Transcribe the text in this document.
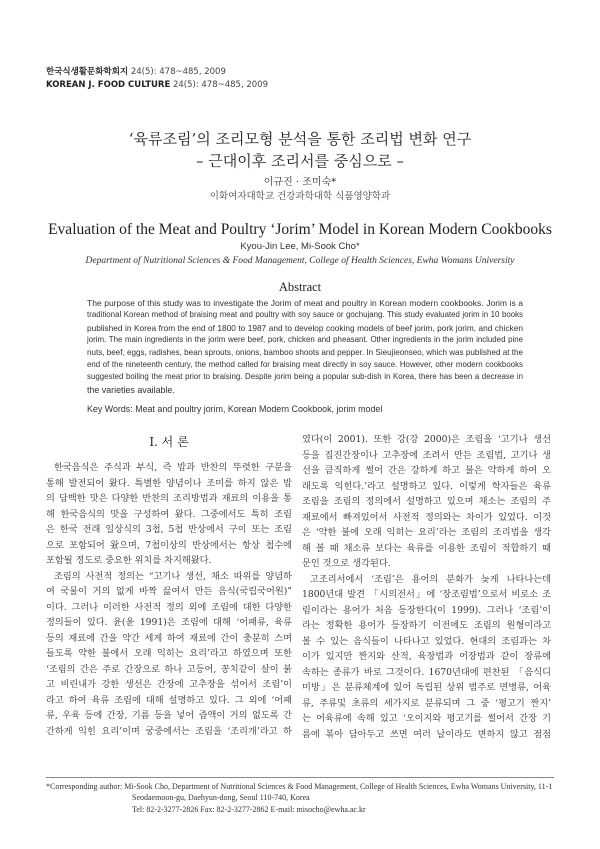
한국식생활문화학회지 24(5): 478~485, 2009
KOREAN J. FOOD CULTURE 24(5): 478~485, 2009
‘육류조림’의 조리모형 분석을 통한 조리법 변화 연구
– 근대이후 조리서를 중심으로 –
이규진 · 조미숙*
이화여자대학교 건강과학대학 식품영양학과
Evaluation of the Meat and Poultry ‘Jorim’ Model in Korean Modern Cookbooks
Kyou-Jin Lee, Mi-Sook Cho*
Department of Nutritional Sciences & Food Management, College of Health Sciences, Ewha Womans University
Abstract
The purpose of this study was to investigate the Jorim of meat and poultry in Korean modern cookbooks. Jorim is a
traditional Korean method of braising meat and poultry with soy sauce or gochujang. This study evaluated jorim in 10 books
published in Korea from the end of 1800 to 1987 and to develop cooking models of beef jorim, pork jorim, and chicken
jorim. The main ingredients in the jorim were beef, pork, chicken and pheasant. Other ingredients in the jorim included pine
nuts, beef, eggs, radishes, bean sprouts, onions, bamboo shoots and pepper. In Sieujieonseo, which was published at the
end of the nineteenth century, the method called for braising meat directly in soy sauce. However, other modern cookbooks
suggested boiling the meat prior to braising. Despite jorim being a popular sub-dish in Korea, there has been a decrease in
the varieties available.
Key Words: Meat and poultry jorim, Korean Modern Cookbook, jorim model
I. 서 론

한국음식은 주식과 부식, 즉 밥과 반찬의 뚜렷한 구분을
통해 발전되어 왔다. 특별한 양념이나 조미를 하지 않은 밥
의 담백한 맛은 다양한 반찬의 조리방법과 재료의 이용을 통
해 한국음식의 맛을 구성하여 왔다. 그중에서도 특히 조림
은 한국 전래 일상식의 3첩, 5첩 반상에서 구이 또는 조림
으로 포함되어 왔으며, 7첩이상의 반상에서는 항상 첩수에
포함될 정도로 중요한 위치를 차지해왔다.

조림의 사전적 정의는 “고기나 생선, 채소 따위를 양념하
여 국물이 거의 없게 바짝 끓여서 만든 음식(국립국어원)”
이다. 그러나 이러한 사전적 정의 외에 조림에 대한 다양한
정의들이 있다. 윤(윤 1991)은 조림에 대해 ‘어패류, 육류
등의 재료에 간을 약간 세게 하여 재료에 간이 충분히 스며
들도록 약한 불에서 오래 익히는 요리’라고 하였으며 또한
‘조림의 간은 주로 간장으로 하나 고등어, 꽁치같이 살이 붉
고 비린내가 강한 생선은 간장에 고추장을 섞어서 조림’이
라고 하여 육류 조림에 대해 설명하고 있다. 그 외에 ‘어패
류, 우육 등에 간장, 기름 등을 넣어 즙액이 거의 없도록 간
간하게 익힌 요리’이며 궁중에서는 조림을 ‘조리개’라고 하

였다(이 2001). 또한 강(강 2000)은 조림을 ‘고기나 생선
등을 집진간장이나 고추장에 조려서 만든 조림법, 고기나 생
선을 큼직하게 썰어 간은 강하게 하고 불은 약하게 하여 오
래도록 익힌다.’라고 설명하고 있다. 이렇게 학자들은 육류
조림을 조림의 정의에서 설명하고 있으며 채소는 조림의 주
재료에서 빠져있어서 사전적 정의와는 차이가 있었다. 이것
은 ‘약한 불에 오래 익히는 요리’라는 조림의 조리법을 생각
해 볼 때 채소류 보다는 육류를 이용한 조림이 적합하기 때
문인 것으로 생각된다.

고조리서에서 ‘조림’은 용어의 분화가 늦게 나타나는데
1800년대 발견 「시의전서」에 ‘장조림법’으로서 비로소 조
림이라는 용어가 처음 등장한다(이 1999). 그러나 ‘조림’이
라는 정확한 용어가 등장하기 이전에도 조림의 원형이라고
볼 수 있는 음식들이 나타나고 있었다. 현대의 조림과는 차
이가 있지만 짠지와 산적, 육장법과 어장법과 같이 장류에
속하는 종류가 바로 그것이다. 1670년대에 편찬된 「음식디
미방」은 분류체계에 있어 독립된 상위 범주로 면병류, 어육
류, 주류및 초류의 세가지로 분류되며 그 중 ‘평고기 짠지’
는 어육류에 속해 있고 ‘오이지와 평고기를 썰어서 간장 기
름에 볶아 담아두고 쓰면 여러 날이라도 변하지 않고 점점

*Corresponding author: Mi-Sook Cho, Department of Nutritional Sciences & Food Management, College of Health Sciences, Ewha Womans University, 11-1
Seodaemoon-gu, Daehyun-dong, Seoul 110-740, Korea
Tel: 82-2-3277-2826 Fax: 82-2-3277-2862 E-mail: misocho@ewha.ac.kr
